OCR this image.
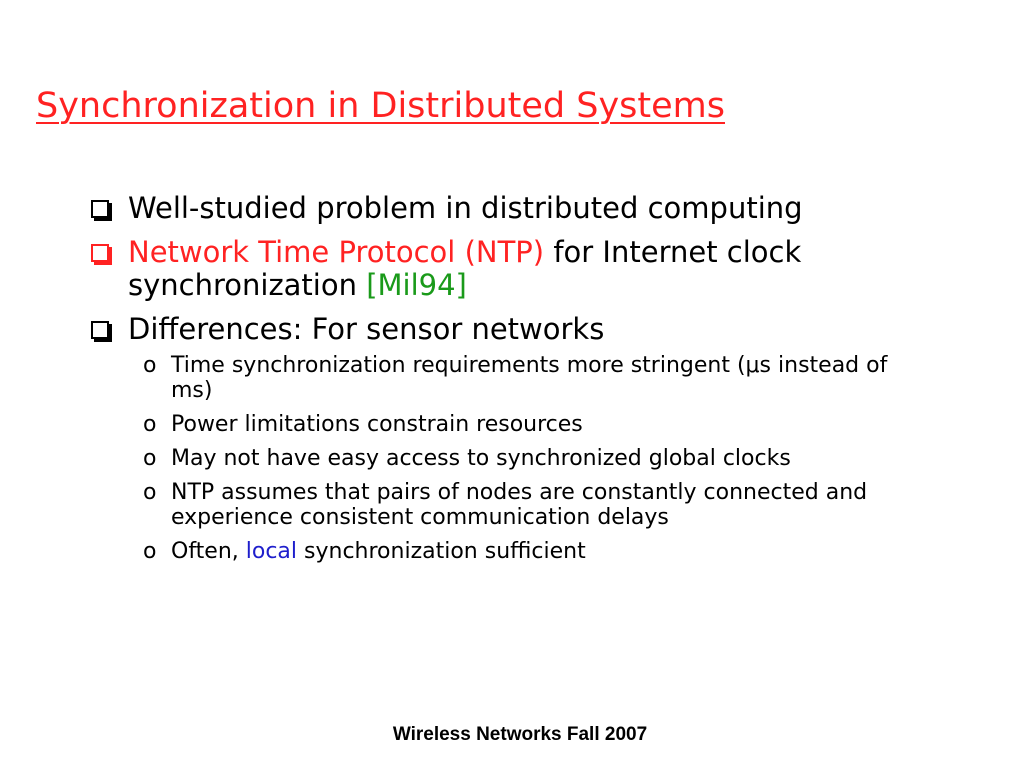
Synchronization in Distributed Systems
Well-studied problem in distributed computing
Network Time Protocol (NTP) for Internet clock synchronization [Mil94]
Differences: For sensor networks
o Time synchronization requirements more stringent (μs instead of ms)
o Power limitations constrain resources
o May not have easy access to synchronized global clocks
o NTP assumes that pairs of nodes are constantly connected and experience consistent communication delays
o Often, local synchronization sufficient
Wireless Networks Fall 2007
